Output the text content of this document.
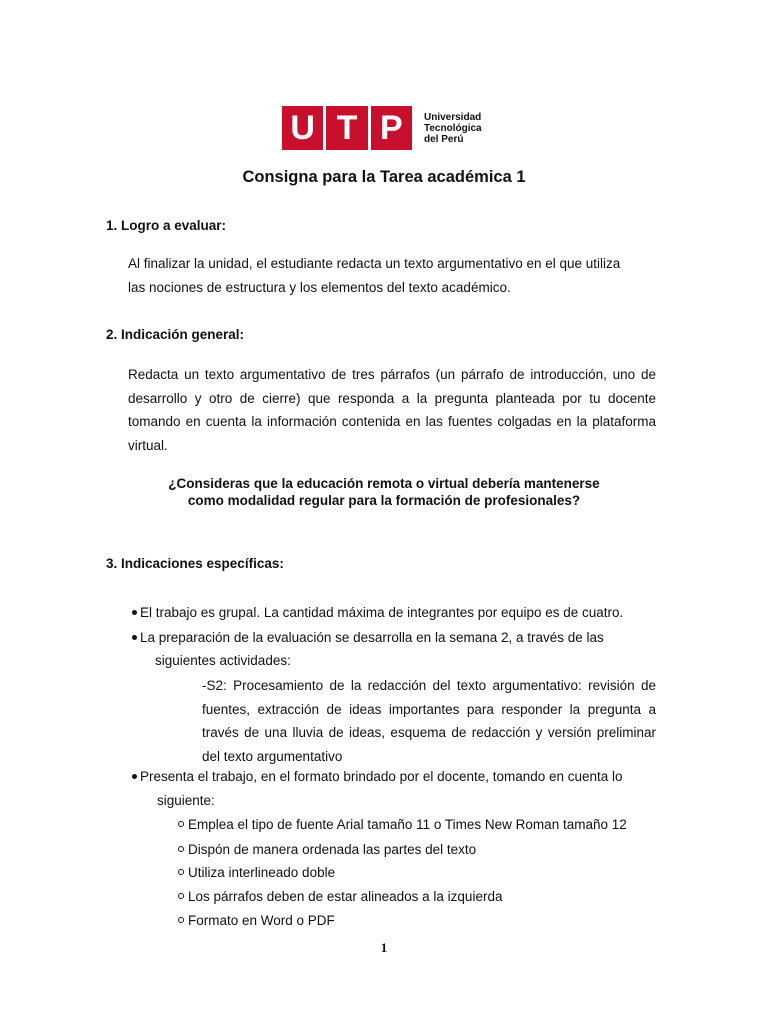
U T P	Universidad
Tecnológica
del Perú
Consigna para la Tarea académica 1
1. Logro a evaluar:
Al finalizar la unidad, el estudiante redacta un texto argumentativo en el que utiliza
las nociones de estructura y los elementos del texto académico.
2. Indicación general:
Redacta un texto argumentativo de tres párrafos (un párrafo de introducción, uno de desarrollo y otro de cierre) que responda a la pregunta planteada por tu docente tomando en cuenta la información contenida en las fuentes colgadas en la plataforma virtual.
¿Consideras que la educación remota o virtual debería mantenerse
como modalidad regular para la formación de profesionales?
3. Indicaciones específicas:
El trabajo es grupal. La cantidad máxima de integrantes por equipo es de cuatro.
La preparación de la evaluación se desarrolla en la semana 2, a través de las
siguientes actividades:
-S2: Procesamiento de la redacción del texto argumentativo: revisión de fuentes, extracción de ideas importantes para responder la pregunta a través de una lluvia de ideas, esquema de redacción y versión preliminar del texto argumentativo
Presenta el trabajo, en el formato brindado por el docente, tomando en cuenta lo
siguiente:
Emplea el tipo de fuente Arial tamaño 11 o Times New Roman tamaño 12
Dispón de manera ordenada las partes del texto
Utiliza interlineado doble
Los párrafos deben de estar alineados a la izquierda
Formato en Word o PDF
1
